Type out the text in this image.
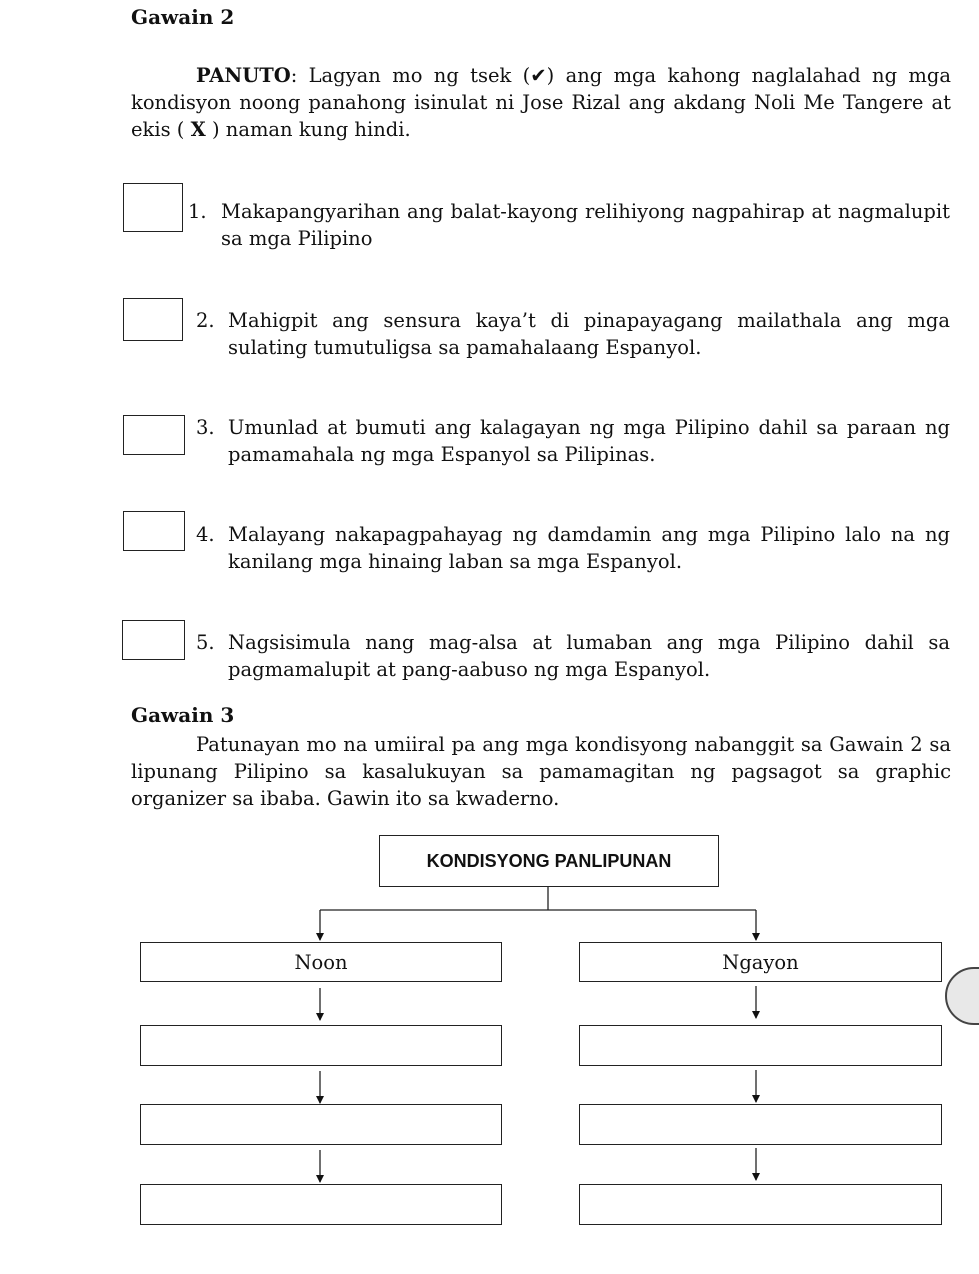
Gawain 2
PANUTO: Lagyan mo ng tsek (✔) ang mga kahong naglalahad ng mga
kondisyon noong panahong isinulat ni Jose Rizal ang akdang Noli Me Tangere at
ekis ( X ) naman kung hindi.
1. Makapangyarihan ang balat-kayong relihiyong nagpahirap at nagmalupit
sa mga Pilipino
2. Mahigpit ang sensura kaya’t di pinapayagang mailathala ang mga
sulating tumutuligsa sa pamahalaang Espanyol.
3. Umunlad at bumuti ang kalagayan ng mga Pilipino dahil sa paraan ng
pamamahala ng mga Espanyol sa Pilipinas.
4. Malayang nakapagpahayag ng damdamin ang mga Pilipino lalo na ng
kanilang mga hinaing laban sa mga Espanyol.
5. Nagsisimula nang mag-alsa at lumaban ang mga Pilipino dahil sa
pagmamalupit at pang-aabuso ng mga Espanyol.
Gawain 3
Patunayan mo na umiiral pa ang mga kondisyong nabanggit sa Gawain 2 sa
lipunang Pilipino sa kasalukuyan sa pamamagitan ng pagsagot sa graphic
organizer sa ibaba. Gawin ito sa kwaderno.
KONDISYONG PANLIPUNAN
Noon	Ngayon
